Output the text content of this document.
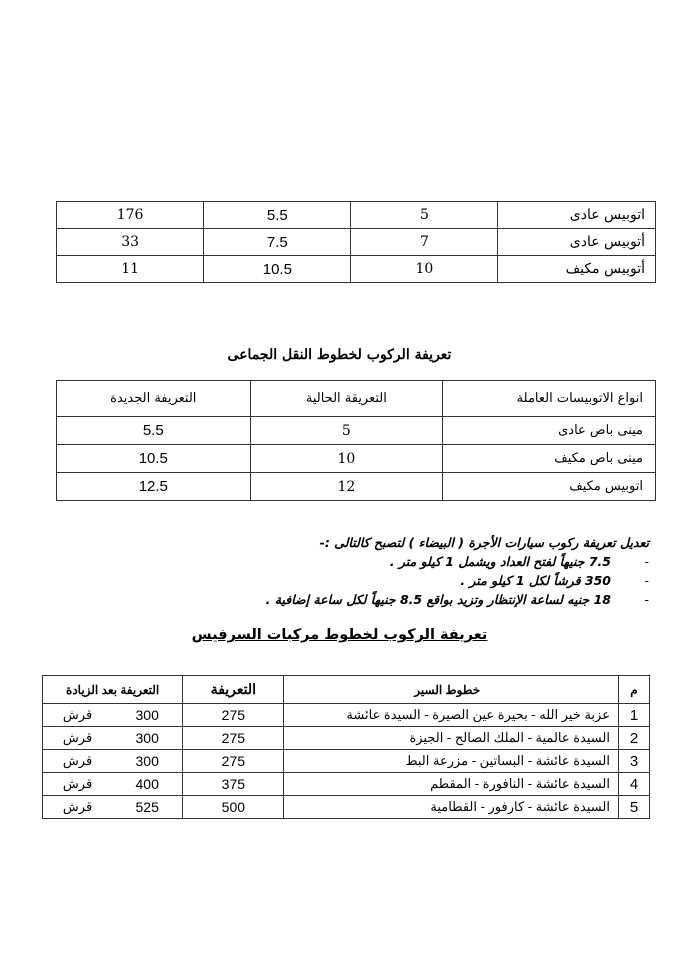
اتوبيس عادى	5	5.5	176
أتوبيس عادى	7	7.5	33
أتوبيس مكيف	10	10.5	11
تعريفة الركوب لخطوط النقل الجماعى
انواع الاتوبيسات العاملة	التعريقة الحالية	التعريفة الجديدة
مينى باص عادى	5	5.5
مينى باص مكيف	10	10.5
اتوبيس مكيف	12	12.5
تعديل تعريفة ركوب سيارات الأجرة ( البيضاء ) لتصبح كالتالى :-
-
7.5 جنيهاً لفتح العداد ويشمل 1 كيلو متر .
-
350 قرشاً لكل 1 كيلو متر .
-
18 جنيه لساعة الإنتظار وتزيد بواقع 8.5 جنيهاً لكل ساعة إضافية .
تعريفة الركوب لخطوط مركبات السرفيس
م	خطوط السير	التعريفة	التعريفة بعد الزيادة	
1	عزبة خير الله - بحيرة عين الصيرة - السيدة عائشة	275	300	قرش
2	السيدة عالمية - الملك الصالح - الجيزة	275	300	قرش
3	السيدة عائشة - البساتين - مزرعة البط	275	300	قرش
4	السيدة عائشة - النافورة - المقطم	375	400	قرش
5	السيدة عائشة - كارفور - القطامية	500	525	قرش
